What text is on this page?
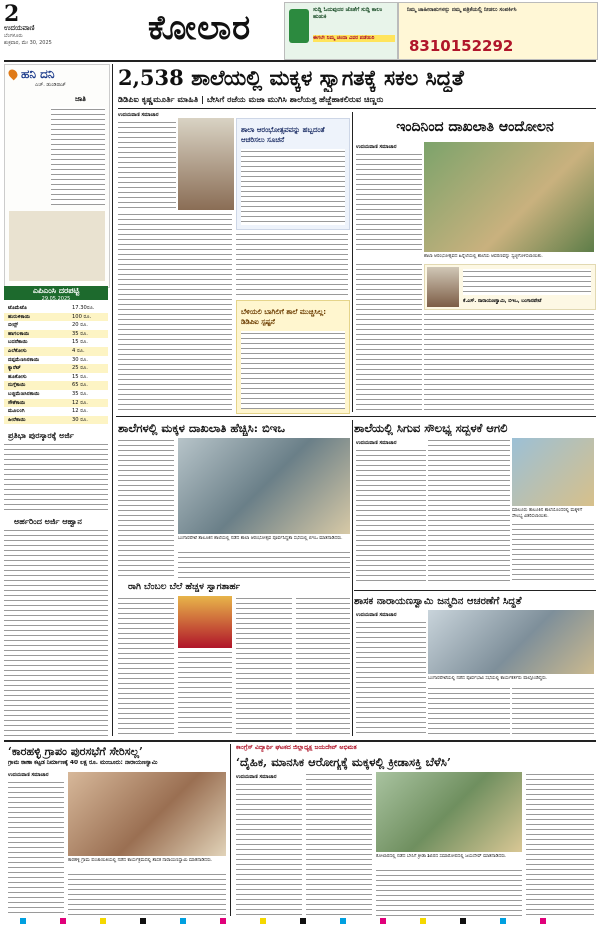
2
ಉದಯವಾಣಿ
ಬೆಂಗಳೂರು
ಶುಕ್ರವಾರ, ಮೇ 30, 2025	ಕೋಲಾರ	ಸುದ್ದಿ ಓದುವುದರ ಜೊತೆಗೆ ಸುದ್ದಿ ಕಾಲಂ ಹುಡುಕಿ
ಈಗಲೇ ನಿಮ್ಮ ಚಂದಾ ವಿವರ ಪಡೆಯಿರಿ
ನಿಮ್ಮ ಜಾಹೀರಾತುಗಳನ್ನು ನಮ್ಮ ಪತ್ರಿಕೆಯಲ್ಲಿ ನೀಡಲು ಸಂಪರ್ಕಿಸಿ
8310152292
ಹನಿ ದನಿ
ಎಚ್. ಡುಂಡಿರಾಜ್
ಜಾತಿ
ಎಪಿಎಂಸಿ ದರಪಟ್ಟಿ
29.05.2025
ಟೊಮೆಟೊ	17.30ರೂ.
ಹುರುಳಿಕಾಯಿ	100 ರೂ.
ಬೀನ್ಸ್	20 ರೂ.
ಹಾಗಲಕಾಯಿ	35 ರೂ.
ಬದನೆಕಾಯಿ	15 ರೂ.
ಎಲೆಕೋಸು	4 ರೂ.
ದಪ್ಪಮೆಣಸಿನಕಾಯಿ	30 ರೂ.
ಕ್ಯಾರೆಟ್	25 ರೂ.
ಹೂಕೋಸು	15 ರೂ.
ನುಗ್ಗೆಕಾಯಿ	65 ರೂ.
ಬಜ್ಜಿಮೆಣಸಿನಕಾಯಿ	35 ರೂ.
ಸೌತೆಕಾಯಿ	12 ರೂ.
ಮೂಲಂಗಿ	12 ರೂ.
ಹೀರೆಕಾಯಿ	30 ರೂ.
ಪ್ರತಿಭಾ ಪುರಸ್ಕಾರಕ್ಕೆ ಅರ್ಜಿ
ಅರ್ಹರಿಂದ ಅರ್ಜಿ ಆಹ್ವಾನ
2,538 ಶಾಲೆಯಲ್ಲಿ ಮಕ್ಕಳ ಸ್ವಾಗತಕ್ಕೆ ಸಕಲ ಸಿದ್ಧತೆ
ಡಿಡಿಪಿಐ ಕೃಷ್ಣಮೂರ್ತಿ ಮಾಹಿತಿ | ಬೇಸಿಗೆ ರಜೆಯ ಮಜಾ ಮುಗಿಸಿ ಶಾಲೆಯತ್ತ ಹೆಜ್ಜೆಹಾಕಲಿರುವ ಚಿಣ್ಣರು
ಉದಯವಾಣಿ ಸಮಾಚಾರ
ಶಾಲಾ ಆರಂಭೋತ್ಸವವನ್ನು ಹಬ್ಬದಂತೆ ಆಚರಿಸಲು ಸೂಚನೆ
ಬೆಳಿಯಲಿ ಬಾಗಿಲಿಗೆ ಶಾಲೆ ಮುಚ್ಚಿಸಿಲ್ಲ: ಡಿಡಿಪಿಐ ಸ್ಪಷ್ಟನೆ
ಇಂದಿನಿಂದ ದಾಖಲಾತಿ ಆಂದೋಲನ
ಉದಯವಾಣಿ ಸಮಾಚಾರ
ಶಾಲಾ ಆರಂಭೋತ್ಸವದ ಹಿನ್ನೆಲೆಯಲ್ಲಿ ಶಾಲೆಯ ಆವರಣವನ್ನು ಸ್ವಚ್ಛಗೊಳಿಸಲಾಯಿತು.
ಕೆ.ಎಸ್. ನಾರಾಯಣಸ್ವಾಮಿ, ಬಿಇಒ, ಬಂಗಾರಪೇಟೆ
ಶಾಲೆಗಳಲ್ಲಿ ಮಕ್ಕಳ ದಾಖಲಾತಿ ಹೆಚ್ಚಿಸಿ: ಬಿಇಒ	ಶಾಲೆಯಲ್ಲಿ ಸಿಗುವ ಸೌಲಭ್ಯ ಸದ್ಬಳಕೆ ಆಗಲಿ
ಬಂಗಾರಪೇಟೆ ತಾಲೂಕಿನ ಶಾಲೆಯಲ್ಲಿ ನಡೆದ ಶಾಲಾ ಆರಂಭೋತ್ಸವ ಪೂರ್ವಸಿದ್ಧತಾ ಸಭೆಯಲ್ಲಿ ಬಿಇಒ ಮಾತನಾಡಿದರು.
ರಾಗಿ ಬೆಂಬಲ ಬೆಲೆ ಹೆಚ್ಚಳ ಸ್ವಾಗತಾರ್ಹ
ಉದಯವಾಣಿ ಸಮಾಚಾರ
ಮಾಲೂರು ತಾಲೂಕಿನ ಶಾಲೆಯೊಂದರಲ್ಲಿ ಮಕ್ಕಳಿಗೆ ಸೌಲಭ್ಯ ವಿತರಿಸಲಾಯಿತು.
ಶಾಸಕ ನಾರಾಯಣಸ್ವಾಮಿ ಜನ್ಮದಿನ ಆಚರಣೆಗೆ ಸಿದ್ಧತೆ
ಉದಯವಾಣಿ ಸಮಾಚಾರ
ಬಂಗಾರಪೇಟೆಯಲ್ಲಿ ನಡೆದ ಪೂರ್ವಭಾವಿ ಸಭೆಯಲ್ಲಿ ಕಾರ್ಯಕರ್ತರು ಪಾಲ್ಗೊಂಡಿದ್ದರು.
‘ಕಾರಹಳ್ಳಿ ಗ್ರಾಪಂ ಪುರಸಭೆಗೆ ಸೇರಿಸಲ್ಲ’
ಗ್ರಾಮ ಠಾಣಾ ಕಟ್ಟಡ ನಿರ್ಮಾಣಕ್ಕೆ 40 ಲಕ್ಷ ರೂ. ಮಂಜೂರು: ನಾರಾಯಣಸ್ವಾಮಿ
ಉದಯವಾಣಿ ಸಮಾಚಾರ
ಕಾರಹಳ್ಳಿ ಗ್ರಾಮ ಪಂಚಾಯಿತಿಯಲ್ಲಿ ನಡೆದ ಕಾರ್ಯಕ್ರಮದಲ್ಲಿ ಶಾಸಕ ನಾರಾಯಣಸ್ವಾಮಿ ಮಾತನಾಡಿದರು.
ಕಾಂಗ್ರೆಸ್ ವಿದ್ಯಾರ್ಥಿ ಘಟಕದ ಜಿಲ್ಲಾಧ್ಯಕ್ಷ ಜಯದೇವ್ ಅಭಿಮತ
‘ದೈಹಿಕ, ಮಾನಸಿಕ ಆರೋಗ್ಯಕ್ಕೆ ಮಕ್ಕಳಲ್ಲಿ ಕ್ರೀಡಾಸಕ್ತಿ ಬೆಳೆಸಿ’
ಉದಯವಾಣಿ ಸಮಾಚಾರ
ಕೋಲಾರದಲ್ಲಿ ನಡೆದ ಬೇಸಿಗೆ ಕ್ರೀಡಾ ಶಿಬಿರದ ಸಮಾರೋಪದಲ್ಲಿ ಜಯದೇವ್ ಮಾತನಾಡಿದರು.
